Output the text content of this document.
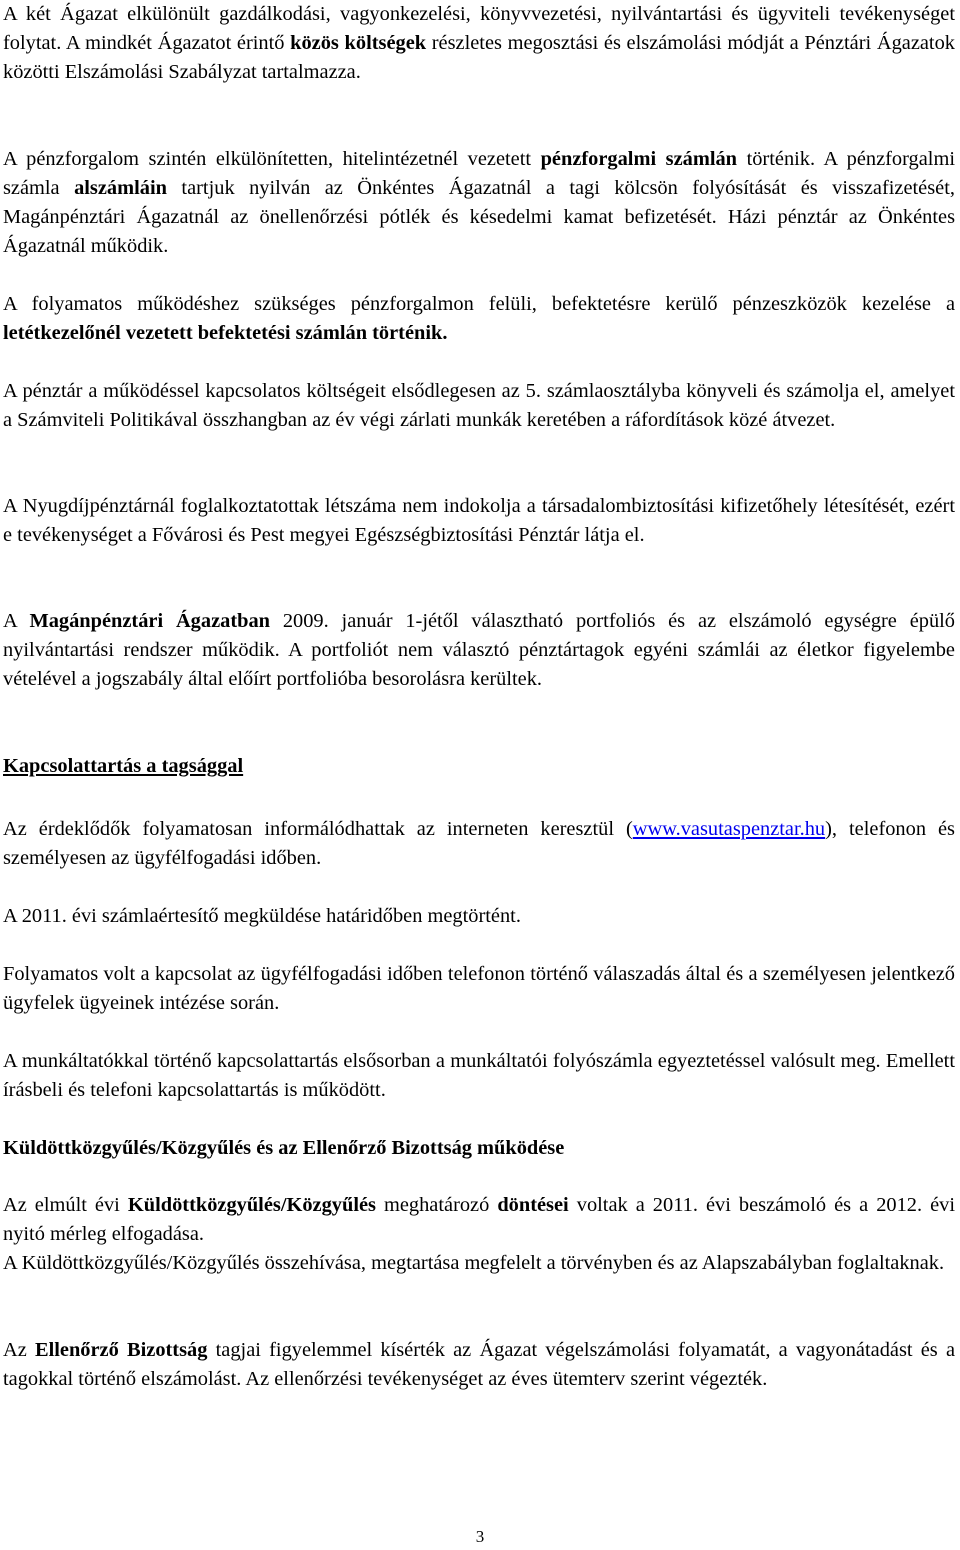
A két Ágazat elkülönült gazdálkodási, vagyonkezelési, könyvvezetési, nyilvántartási és ügyviteli tevékenységet folytat. A mindkét Ágazatot érintő közös költségek részletes megosztási és elszámolási módját a Pénztári Ágazatok közötti Elszámolási Szabályzat tartalmazza.
A pénzforgalom szintén elkülönítetten, hitelintézetnél vezetett pénzforgalmi számlán történik. A pénzforgalmi számla alszámláin tartjuk nyilván az Önkéntes Ágazatnál a tagi kölcsön folyósítását és visszafizetését, Magánpénztári Ágazatnál az önellenőrzési pótlék és késedelmi kamat befizetését. Házi pénztár az Önkéntes Ágazatnál működik.
A folyamatos működéshez szükséges pénzforgalmon felüli, befektetésre kerülő pénzeszközök kezelése a letétkezelőnél vezetett befektetési számlán történik.
A pénztár a működéssel kapcsolatos költségeit elsődlegesen az 5. számlaosztályba könyveli és számolja el, amelyet a Számviteli Politikával összhangban az év végi zárlati munkák keretében a ráfordítások közé átvezet.
A Nyugdíjpénztárnál foglalkoztatottak létszáma nem indokolja a társadalombiztosítási kifizetőhely létesítését, ezért e tevékenységet a Fővárosi és Pest megyei Egészségbiztosítási Pénztár látja el.
A Magánpénztári Ágazatban 2009. január 1-jétől választható portfoliós és az elszámoló egységre épülő nyilvántartási rendszer működik. A portfoliót nem választó pénztártagok egyéni számlái az életkor figyelembe vételével a jogszabály által előírt portfolióba besorolásra kerültek.
Kapcsolattartás a tagsággal
Az érdeklődők folyamatosan informálódhattak az interneten keresztül (www.vasutaspenztar.hu), telefonon és személyesen az ügyfélfogadási időben.
A 2011. évi számlaértesítő megküldése határidőben megtörtént.
Folyamatos volt a kapcsolat az ügyfélfogadási időben telefonon történő válaszadás által és a személyesen jelentkező ügyfelek ügyeinek intézése során.
A munkáltatókkal történő kapcsolattartás elsősorban a munkáltatói folyószámla egyeztetéssel valósult meg. Emellett írásbeli és telefoni kapcsolattartás is működött.
Küldöttközgyűlés/Közgyűlés és az Ellenőrző Bizottság működése
Az elmúlt évi Küldöttközgyűlés/Közgyűlés meghatározó döntései voltak a 2011. évi beszámoló és a 2012. évi nyitó mérleg elfogadása.
A Küldöttközgyűlés/Közgyűlés összehívása, megtartása megfelelt a törvényben és az Alapszabályban foglaltaknak.
Az Ellenőrző Bizottság tagjai figyelemmel kísérték az Ágazat végelszámolási folyamatát, a vagyonátadást és a tagokkal történő elszámolást. Az ellenőrzési tevékenységet az éves ütemterv szerint végezték.
3
